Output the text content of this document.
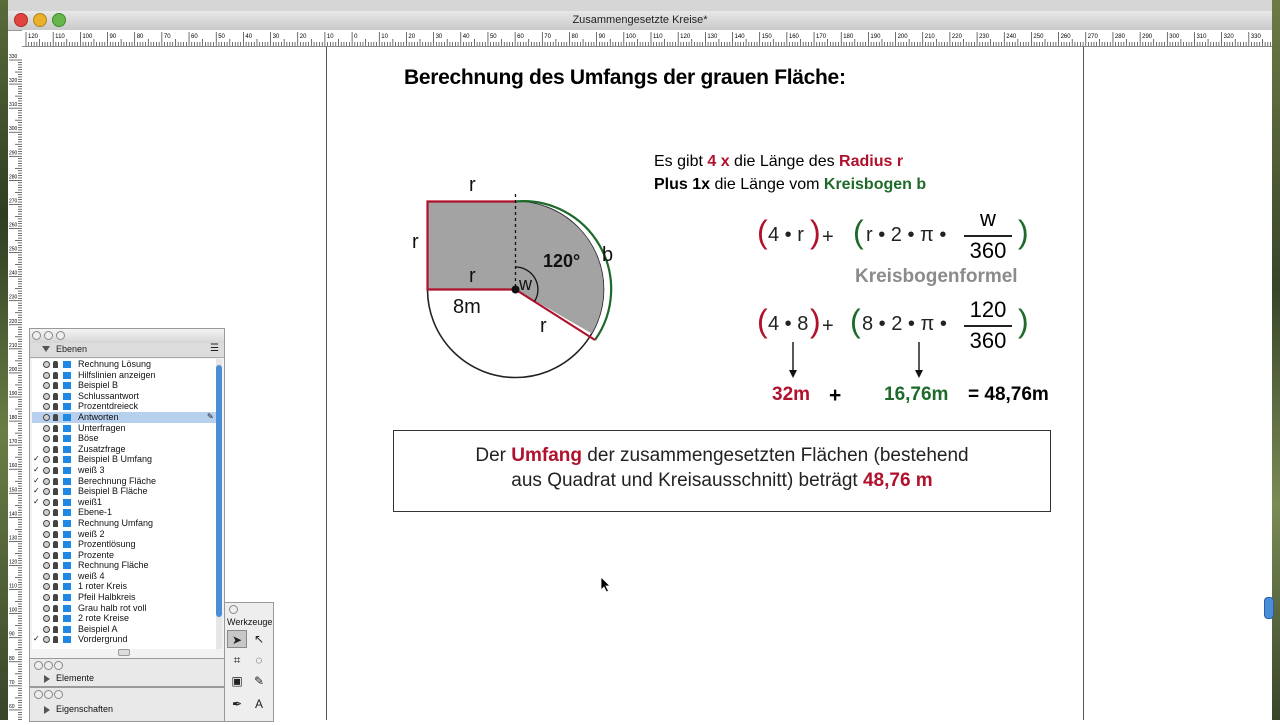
Zusammengesetzte Kreise*
120	110	100	90	80	70	60	50	40	30	20	10	0	10	20	30	40	50	60	70	80	90	100	110	120	130	140	150	160	170	180	190	200	210	220	230	240	250	260	270	280	290	300	310	320	330
330
320
310
300
290
280
270
260
250
240
230
220
210
200
190
180
170
160
150
140
130
120
110
100
90
80
70
60
Berechnung des Umfangs der grauen Fläche:
r
r
r
r
b
120°
w
8m
Es gibt 4 x die Länge des Radius r
Plus 1x die Länge vom Kreisbogen b
( 4 • r ) + ( r • 2 • π •
w
360
)
Kreisbogenformel
( 4 • 8 ) + ( 8 • 2 • π •
120
360
)
32m + 16,76m = 48,76m
Der Umfang der zusammengesetzten Flächen (bestehend
aus Quadrat und Kreisausschnitt) beträgt 48,76 m
Ebenen	☰
Rechnung Lösung
Hilfslinien anzeigen
Beispiel B
Schlussantwort
Prozentdreieck
Antworten	✎
Unterfragen
Böse
Zusatzfrage
✓	Beispiel B Umfang
✓	weiß 3
✓	Berechnung Fläche
✓	Beispiel B Fläche
✓	weiß1
Ebene-1
Rechnung Umfang
weiß 2
Prozentlösung
Prozente
Rechnung Fläche
weiß 4
1 roter Kreis
Pfeil Halbkreis
Grau halb rot voll
2 rote Kreise
Beispiel A
✓	Vordergrund
Elemente
Eigenschaften
Werkzeuge
➤ ↖
⌗	◌
▣ ✎
✒	A
